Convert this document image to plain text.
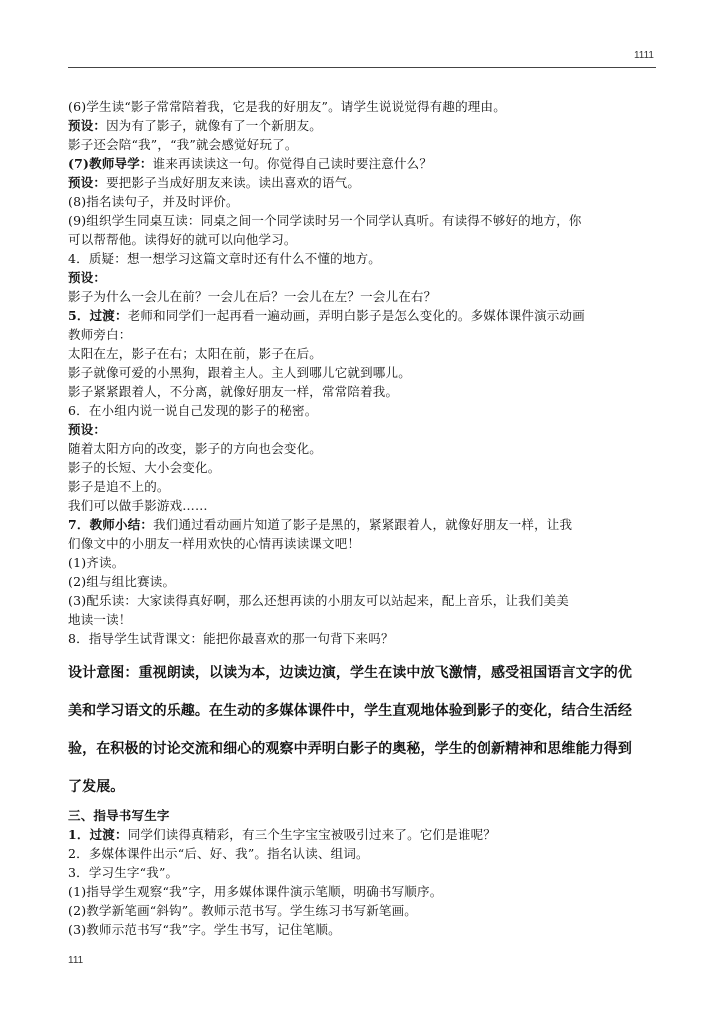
1111
(6)学生读“影子常常陪着我，它是我的好朋友”。请学生说说觉得有趣的理由。
预设：因为有了影子，就像有了一个新朋友。
影子还会陪“我”，“我”就会感觉好玩了。
(7)教师导学：谁来再读读这一句。你觉得自己读时要注意什么？
预设：要把影子当成好朋友来读。读出喜欢的语气。
(8)指名读句子，并及时评价。
(9)组织学生同桌互读：同桌之间一个同学读时另一个同学认真听。有读得不够好的地方，你
可以帮帮他。读得好的就可以向他学习。
4．质疑：想一想学习这篇文章时还有什么不懂的地方。
预设：
影子为什么一会儿在前？一会儿在后？一会儿在左？一会儿在右？
5．过渡：老师和同学们一起再看一遍动画，弄明白影子是怎么变化的。多媒体课件演示动画
教师旁白：
太阳在左，影子在右；太阳在前，影子在后。
影子就像可爱的小黑狗，跟着主人。主人到哪儿它就到哪儿。
影子紧紧跟着人，不分离，就像好朋友一样，常常陪着我。
6．在小组内说一说自己发现的影子的秘密。
预设：
随着太阳方向的改变，影子的方向也会变化。
影子的长短、大小会变化。
影子是追不上的。
我们可以做手影游戏……
7．教师小结：我们通过看动画片知道了影子是黑的，紧紧跟着人，就像好朋友一样，让我
们像文中的小朋友一样用欢快的心情再读读课文吧！
(1)齐读。
(2)组与组比赛读。
(3)配乐读：大家读得真好啊，那么还想再读的小朋友可以站起来，配上音乐，让我们美美
地读一读！
8．指导学生试背课文：能把你最喜欢的那一句背下来吗？
设计意图：重视朗读，以读为本，边读边演，学生在读中放飞激情，感受祖国语言文字的优
美和学习语文的乐趣。在生动的多媒体课件中，学生直观地体验到影子的变化，结合生活经
验，在积极的讨论交流和细心的观察中弄明白影子的奥秘，学生的创新精神和思维能力得到
了发展。
三、指导书写生字
1．过渡：同学们读得真精彩，有三个生字宝宝被吸引过来了。它们是谁呢？
2．多媒体课件出示“后、好、我”。指名认读、组词。
3．学习生字“我”。
(1)指导学生观察“我”字，用多媒体课件演示笔顺，明确书写顺序。
(2)教学新笔画“斜钩”。教师示范书写。学生练习书写新笔画。
(3)教师示范书写“我”字。学生书写，记住笔顺。
111
